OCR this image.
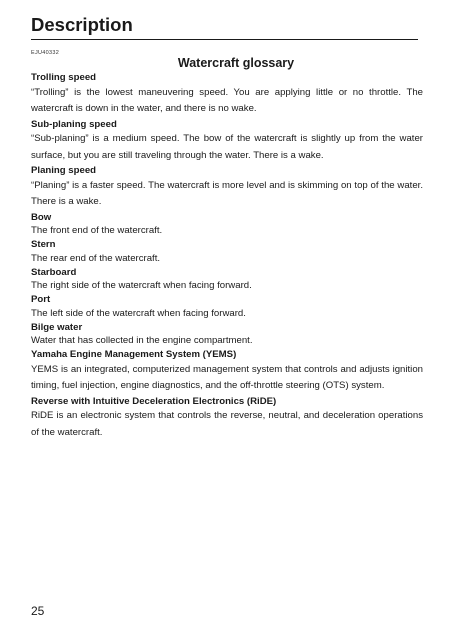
Description
EJU40332
Watercraft glossary

Trolling speed

“Trolling” is the lowest maneuvering speed. You are applying little or no throttle. The watercraft is down in the water, and there is no wake.

Sub-planing speed

“Sub-planing” is a medium speed. The bow of the watercraft is slightly up from the water surface, but you are still traveling through the water. There is a wake.

Planing speed

“Planing” is a faster speed. The watercraft is more level and is skimming on top of the water. There is a wake.

Bow

The front end of the watercraft.

Stern

The rear end of the watercraft.

Starboard

The right side of the watercraft when facing forward.

Port

The left side of the watercraft when facing forward.

Bilge water

Water that has collected in the engine compartment.

Yamaha Engine Management System (YEMS)

YEMS is an integrated, computerized management system that controls and adjusts ignition timing, fuel injection, engine diagnostics, and the off-throttle steering (OTS) system.

Reverse with Intuitive Deceleration Electronics (RiDE)

RiDE is an electronic system that controls the reverse, neutral, and deceleration operations of the watercraft.

25
